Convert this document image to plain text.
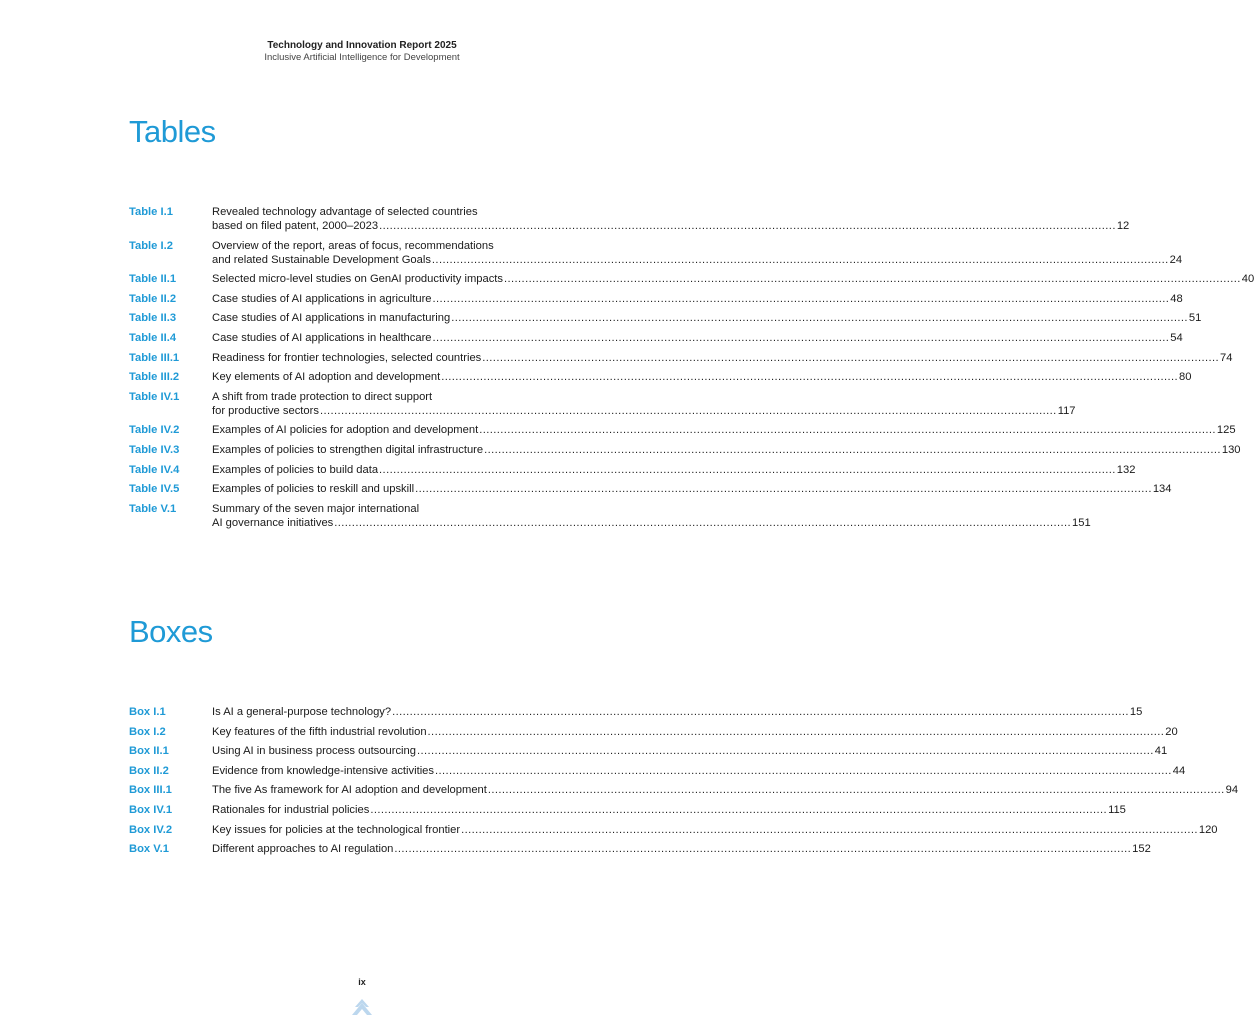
Technology and Innovation Report 2025
Inclusive Artificial Intelligence for Development
Tables
Table I.1	Revealed technology advantage of selected countries
based on filed patent, 2000–2023 .....	12
Table I.2	Overview of the report, areas of focus, recommendations
and related Sustainable Development Goals .....	24
Table II.1	Selected micro-level studies on GenAI productivity impacts .....	40
Table II.2	Case studies of AI applications in agriculture .....	48
Table II.3	Case studies of AI applications in manufacturing .....	51
Table II.4	Case studies of AI applications in healthcare .....	54
Table III.1	Readiness for frontier technologies, selected countries .....	74
Table III.2	Key elements of AI adoption and development .....	80
Table IV.1	A shift from trade protection to direct support
for productive sectors .....	117
Table IV.2	Examples of AI policies for adoption and development .....	125
Table IV.3	Examples of policies to strengthen digital infrastructure .....	130
Table IV.4	Examples of policies to build data .....	132
Table IV.5	Examples of policies to reskill and upskill .....	134
Table V.1	Summary of the seven major international
AI governance initiatives .....	151
Boxes
Box I.1	Is AI a general-purpose technology? .....	15
Box I.2	Key features of the fifth industrial revolution .....	20
Box II.1	Using AI in business process outsourcing .....	41
Box II.2	Evidence from knowledge-intensive activities .....	44
Box III.1	The five As framework for AI adoption and development .....	94
Box IV.1	Rationales for industrial policies .....	115
Box IV.2	Key issues for policies at the technological frontier .....	120
Box V.1	Different approaches to AI regulation .....	152
ix
